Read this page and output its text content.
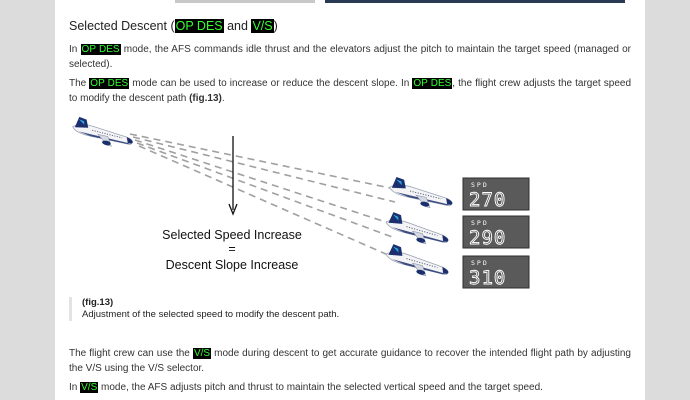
Selected Descent (OP DES and V/S)

In OP DES mode, the AFS commands idle thrust and the elevators adjust the pitch to maintain the target speed (managed or selected).

The OP DES mode can be used to increase or reduce the descent slope. In OP DES, the flight crew adjusts the target speed to modify the descent path (fig.13).

Selected Speed Increase
=
Descent Slope Increase
SPD
270
SPD
290
SPD
310
(fig.13)
Adjustment of the selected speed to modify the descent path.

The flight crew can use the V/S mode during descent to get accurate guidance to recover the intended flight path by adjusting the V/S using the V/S selector.

In V/S mode, the AFS adjusts pitch and thrust to maintain the selected vertical speed and the target speed.
